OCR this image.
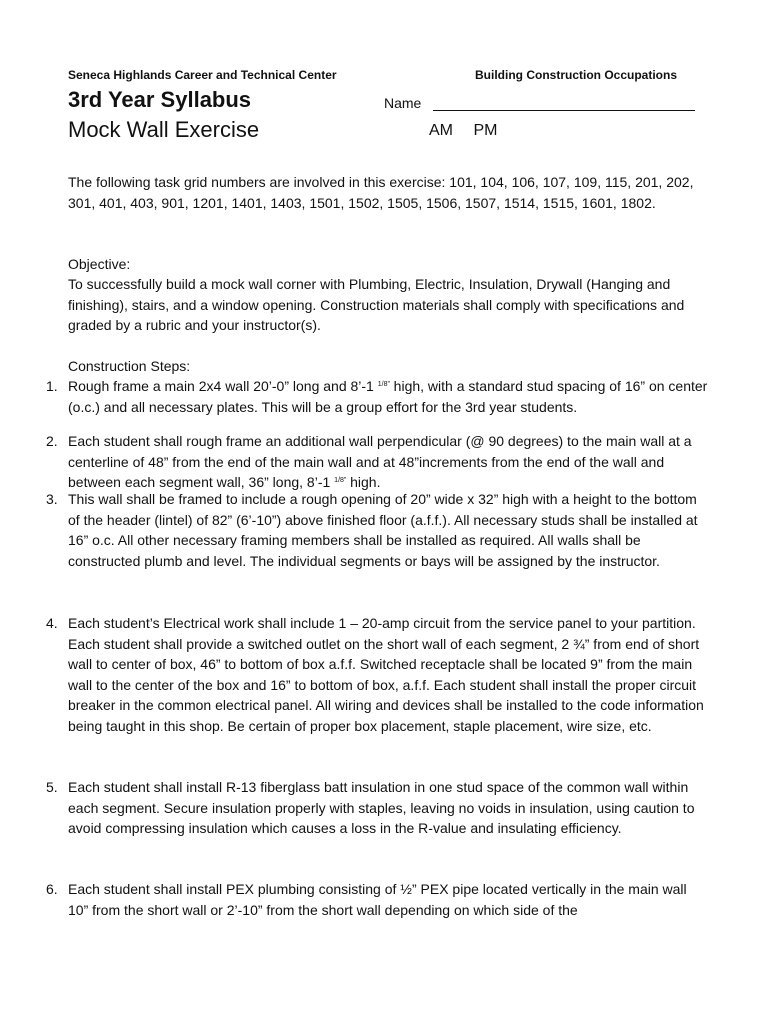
Seneca Highlands Career and Technical Center	Building Construction Occupations
3rd Year Syllabus
Mock Wall Exercise
Name
AM PM
The following task grid numbers are involved in this exercise: 101, 104, 106, 107, 109, 115, 201, 202, 301, 401, 403, 901, 1201, 1401, 1403, 1501, 1502, 1505, 1506, 1507, 1514, 1515, 1601, 1802.
Objective:
To successfully build a mock wall corner with Plumbing, Electric, Insulation, Drywall (Hanging and finishing), stairs, and a window opening. Construction materials shall comply with specifications and graded by a rubric and your instructor(s).
Construction Steps:
1. Rough frame a main 2x4 wall 20’-0” long and 8’-1 $^{1/8”}$ high, with a standard stud spacing of 16” on center (o.c.) and all necessary plates. This will be a group effort for the 3rd year students.
2. Each student shall rough frame an additional wall perpendicular (@ 90 degrees) to the main wall at a centerline of 48” from the end of the main wall and at 48”increments from the end of the wall and between each segment wall, 36” long, 8’-1 $^{1/8”}$ high.
3. This wall shall be framed to include a rough opening of 20” wide x 32” high with a height to the bottom of the header (lintel) of 82” (6’-10”) above finished floor (a.f.f.). All necessary studs shall be installed at 16” o.c. All other necessary framing members shall be installed as required. All walls shall be constructed plumb and level. The individual segments or bays will be assigned by the instructor.
4. Each student’s Electrical work shall include 1 – 20-amp circuit from the service panel to your partition. Each student shall provide a switched outlet on the short wall of each segment, 2 ¾” from end of short wall to center of box, 46” to bottom of box a.f.f. Switched receptacle shall be located 9” from the main wall to the center of the box and 16” to bottom of box, a.f.f. Each student shall install the proper circuit breaker in the common electrical panel. All wiring and devices shall be installed to the code information being taught in this shop. Be certain of proper box placement, staple placement, wire size, etc.
5. Each student shall install R-13 fiberglass batt insulation in one stud space of the common wall within each segment. Secure insulation properly with staples, leaving no voids in insulation, using caution to avoid compressing insulation which causes a loss in the R-value and insulating efficiency.
6. Each student shall install PEX plumbing consisting of ½” PEX pipe located vertically in the main wall 10” from the short wall or 2’-10” from the short wall depending on which side of the
